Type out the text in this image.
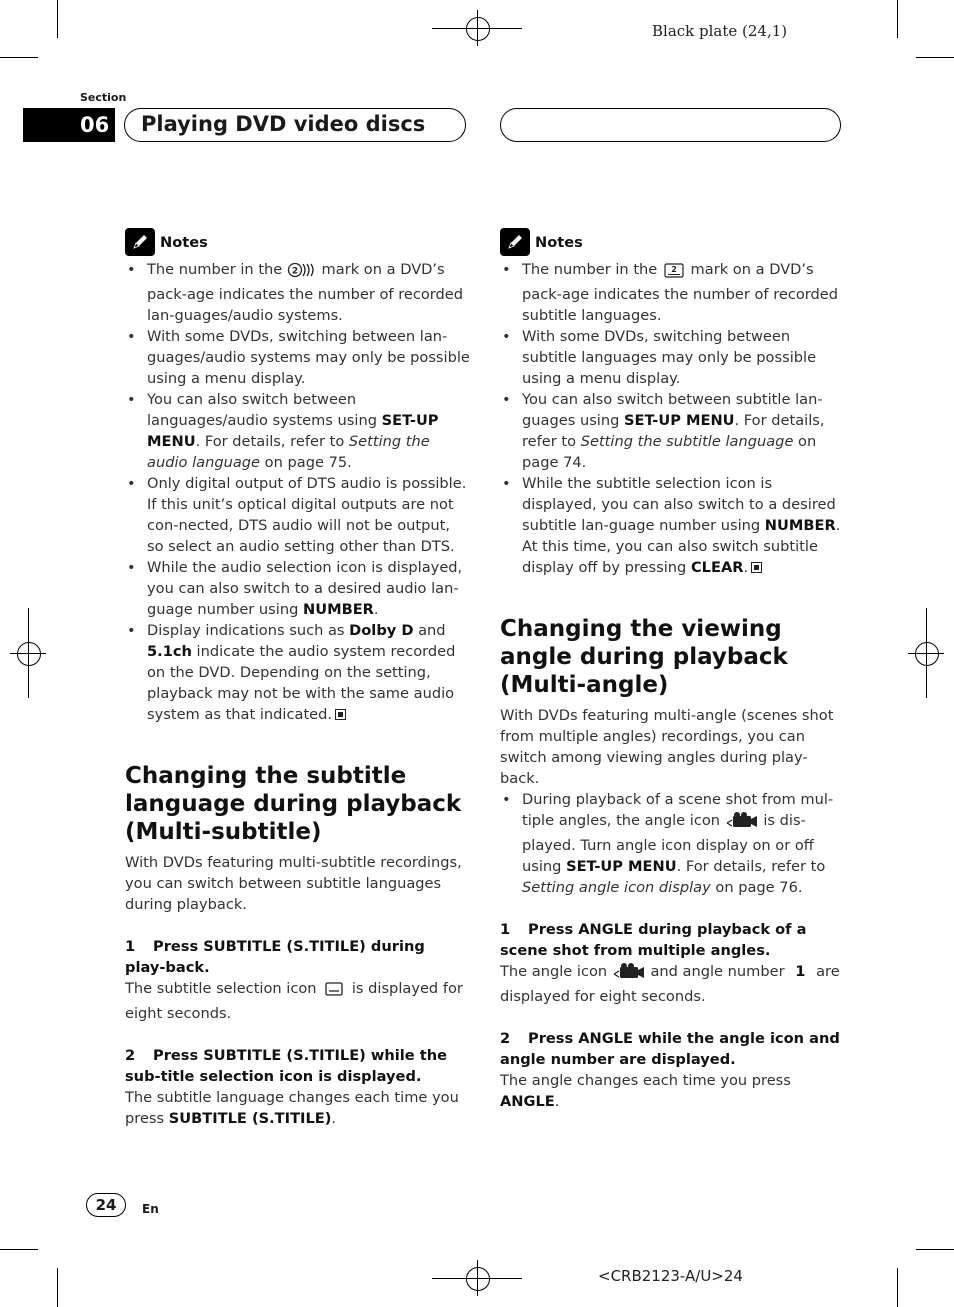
Black plate (24,1)
Section
06 Playing DVD video discs
Notes
• The number in the 2 mark on a DVD’s pack-age indicates the number of recorded lan-guages/audio systems.
• With some DVDs, switching between lan-guages/audio systems may only be possible using a menu display.
• You can also switch between languages/audio systems using SET-UP MENU. For details, refer to Setting the audio language on page 75.
• Only digital output of DTS audio is possible. If this unit’s optical digital outputs are not con-nected, DTS audio will not be output, so select an audio setting other than DTS.
• While the audio selection icon is displayed, you can also switch to a desired audio lan-guage number using NUMBER.
• Display indications such as Dolby D and 5.1ch indicate the audio system recorded on the DVD. Depending on the setting, playback may not be with the same audio system as that indicated.
Changing the subtitle language during playback (Multi-subtitle)
With DVDs featuring multi-subtitle recordings, you can switch between subtitle languages during playback.
1 Press SUBTITLE (S.TITILE) during play-back.
The subtitle selection icon  is displayed for eight seconds.
2 Press SUBTITLE (S.TITILE) while the sub-title selection icon is displayed.
The subtitle language changes each time you press SUBTITLE (S.TITILE).
Notes
• The number in the 2 mark on a DVD’s pack-age indicates the number of recorded subtitle languages.
• With some DVDs, switching between subtitle languages may only be possible using a menu display.
• You can also switch between subtitle lan-guages using SET-UP MENU. For details, refer to Setting the subtitle language on page 74.
• While the subtitle selection icon is displayed, you can also switch to a desired subtitle lan-guage number using NUMBER. At this time, you can also switch subtitle display off by pressing CLEAR.
Changing the viewing angle during playback (Multi-angle)
With DVDs featuring multi-angle (scenes shot from multiple angles) recordings, you can switch among viewing angles during play-back.
• During playback of a scene shot from mul-tiple angles, the angle icon  is dis-played. Turn angle icon display on or off using SET-UP MENU. For details, refer to Setting angle icon display on page 76.
1 Press ANGLE during playback of a scene shot from multiple angles.
The angle icon  and angle number 1 are displayed for eight seconds.
2 Press ANGLE while the angle icon and angle number are displayed.
The angle changes each time you press ANGLE.
24	En
<CRB2123-A/U>24
